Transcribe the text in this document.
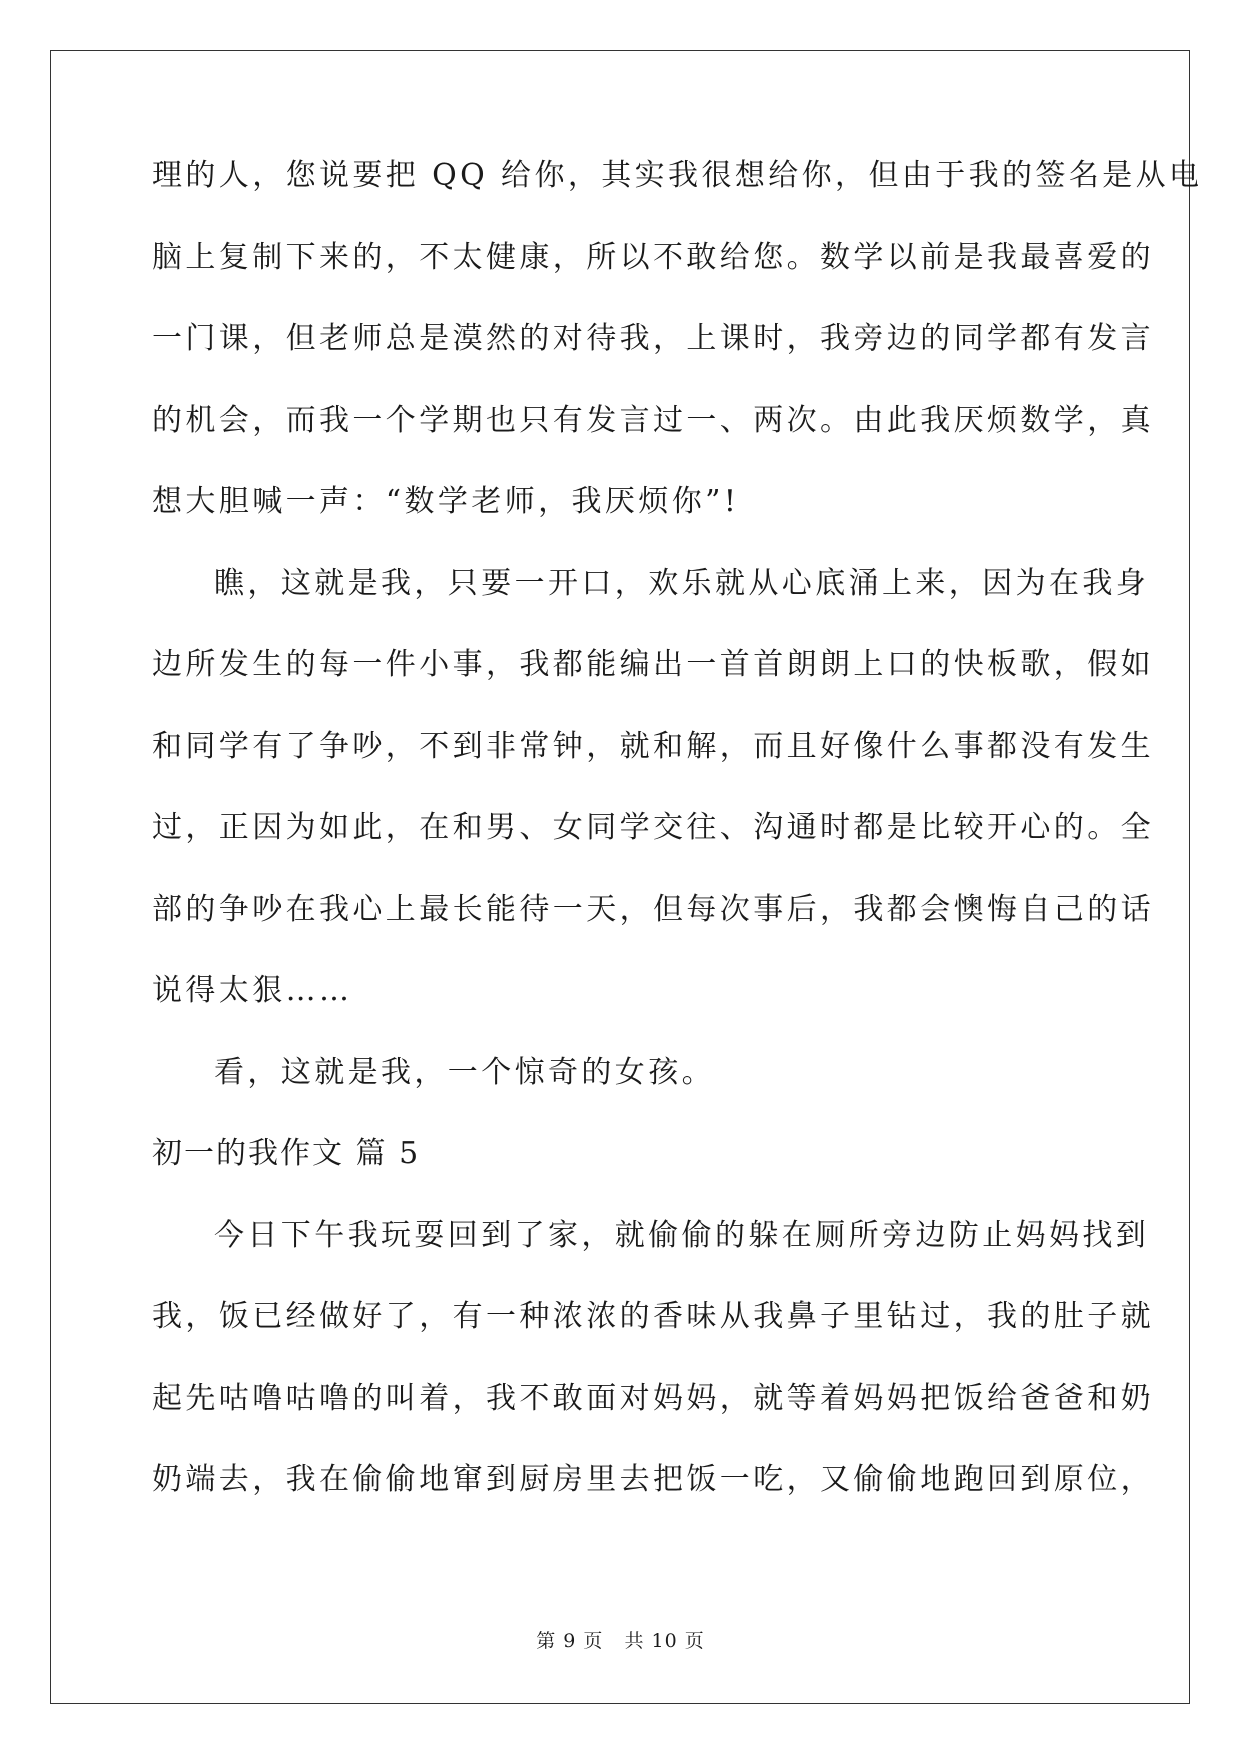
理的人，您说要把 QQ 给你，其实我很想给你，但由于我的签名是从电
脑上复制下来的，不太健康，所以不敢给您。数学以前是我最喜爱的
一门课，但老师总是漠然的对待我，上课时，我旁边的同学都有发言
的机会，而我一个学期也只有发言过一、两次。由此我厌烦数学，真
想大胆喊一声：“数学老师，我厌烦你”!
瞧，这就是我，只要一开口，欢乐就从心底涌上来，因为在我身
边所发生的每一件小事，我都能编出一首首朗朗上口的快板歌，假如
和同学有了争吵，不到非常钟，就和解，而且好像什么事都没有发生
过，正因为如此，在和男、女同学交往、沟通时都是比较开心的。全
部的争吵在我心上最长能待一天，但每次事后，我都会懊悔自己的话
说得太狠……
看，这就是我，一个惊奇的女孩。
初一的我作文 篇 5
今日下午我玩耍回到了家，就偷偷的躲在厕所旁边防止妈妈找到
我，饭已经做好了，有一种浓浓的香味从我鼻子里钻过，我的肚子就
起先咕噜咕噜的叫着，我不敢面对妈妈，就等着妈妈把饭给爸爸和奶
奶端去，我在偷偷地窜到厨房里去把饭一吃，又偷偷地跑回到原位，
第 9 页 共 10 页
